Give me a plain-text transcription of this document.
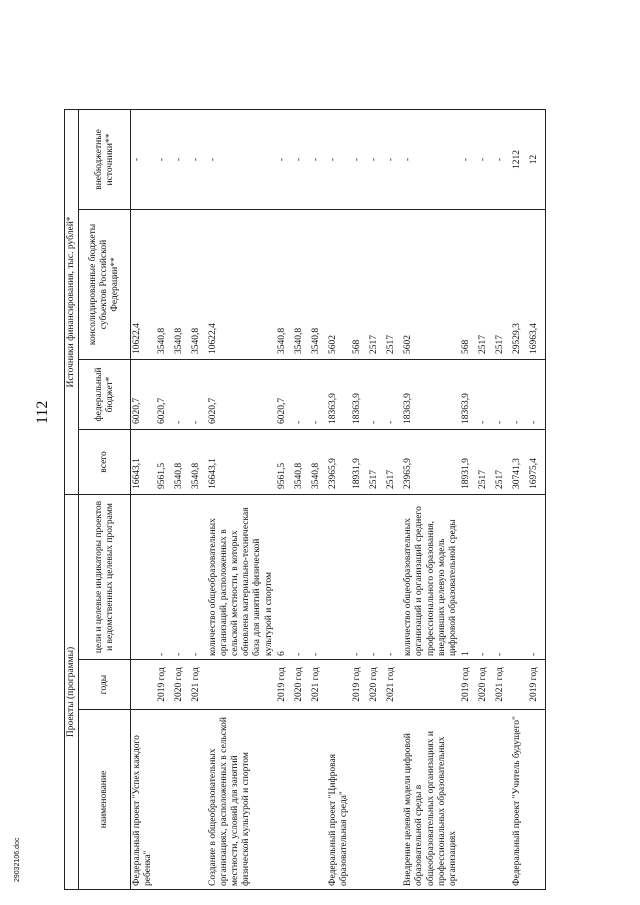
112
Проекты (программы)			Источники финансирования, тыс. рублей*			
наименование	годы	цели и целевые индикаторы проектов и ведомственных целевых программ	всего	федеральный бюджет*	консолидированные бюджеты субъектов Российской Федерации**	внебюджетные источники**
Федеральный проект "Успех каждого ребенка"			16643,1	6020,7	10622,4	-
	2019 год	-	9561,5	6020,7	3540,8	-
	2020 год	-	3540,8	-	3540,8	-
	2021 год	-	3540,8	-	3540,8	-
Создание в общеобразовательных организациях, расположенных в сельской местности, условий для занятий физической культурой и спортом		количество общеобразовательных организаций, расположенных в сельской местности, в которых обновлена материально-техническая база для занятий физической культурой и спортом	16643,1	6020,7	10622,4	-
	2019 год	6	9561,5	6020,7	3540,8	-
	2020 год	-	3540,8	-	3540,8	-
	2021 год	-	3540,8	-	3540,8	-
Федеральный проект "Цифровая образовательная среда"			23965,9	18363,9	5602	-
	2019 год	-	18931,9	18363,9	568	-
	2020 год	-	2517	-	2517	-
	2021 год	-	2517	-	2517	-
Внедрение целевой модели цифровой образовательной среды в общеобразовательных организациях и профессиональных образовательных организациях		количество общеобразовательных организаций и организаций среднего профессионального образования, внедривших целевую модель цифровой образовательной среды	23965,9	18363,9	5602	-
	2019 год	1	18931,9	18363,9	568	-
	2020 год	-	2517	-	2517	-
	2021 год	-	2517	-	2517	-
Федеральный проект "Учитель будущего"			30741,3	-	29529,3	1212
	2019 год	-	16975,4	-	16963,4	12
29032106.doc
